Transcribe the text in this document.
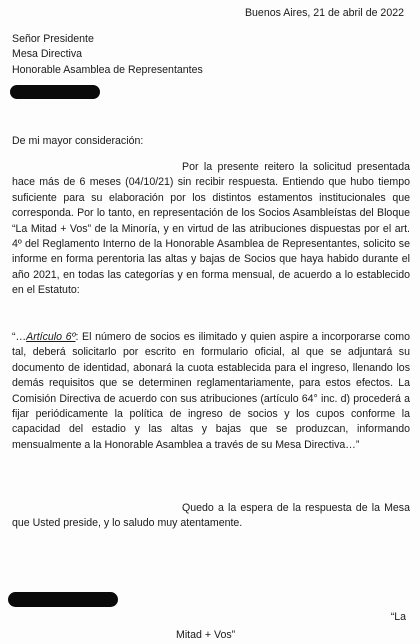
Buenos Aires, 21 de abril de 2022
Señor Presidente
Mesa Directiva
Honorable Asamblea de Representantes
De mi mayor consideración:

Por la presente reitero la solicitud presentada hace más de 6 meses (04/10/21) sin recibir respuesta. Entiendo que hubo tiempo suficiente para su elaboración por los distintos estamentos institucionales que corresponda. Por lo tanto, en representación de los Socios Asambleístas del Bloque “La Mitad + Vos” de la Minoría, y en virtud de las atribuciones dispuestas por el art. 4º del Reglamento Interno de la Honorable Asamblea de Representantes, solicito se informe en forma perentoria las altas y bajas de Socios que haya habido durante el año 2021, en todas las categorías y en forma mensual, de acuerdo a lo establecido en el Estatuto:

“…Artículo 6º: El número de socios es ilimitado y quien aspire a incorporarse como tal, deberá solicitarlo por escrito en formulario oficial, al que se adjuntará su documento de identidad, abonará la cuota establecida para el ingreso, llenando los demás requisitos que se determinen reglamentariamente, para estos efectos. La Comisión Directiva de acuerdo con sus atribuciones (artículo 64° inc. d) procederá a fijar periódicamente la política de ingreso de socios y los cupos conforme la capacidad del estadio y las altas y bajas que se produzcan, informando mensualmente a la Honorable Asamblea a través de su Mesa Directiva…”

Quedo a la espera de la respuesta de la Mesa que Usted preside, y lo saludo muy atentamente.

“La
Mitad + Vos”
